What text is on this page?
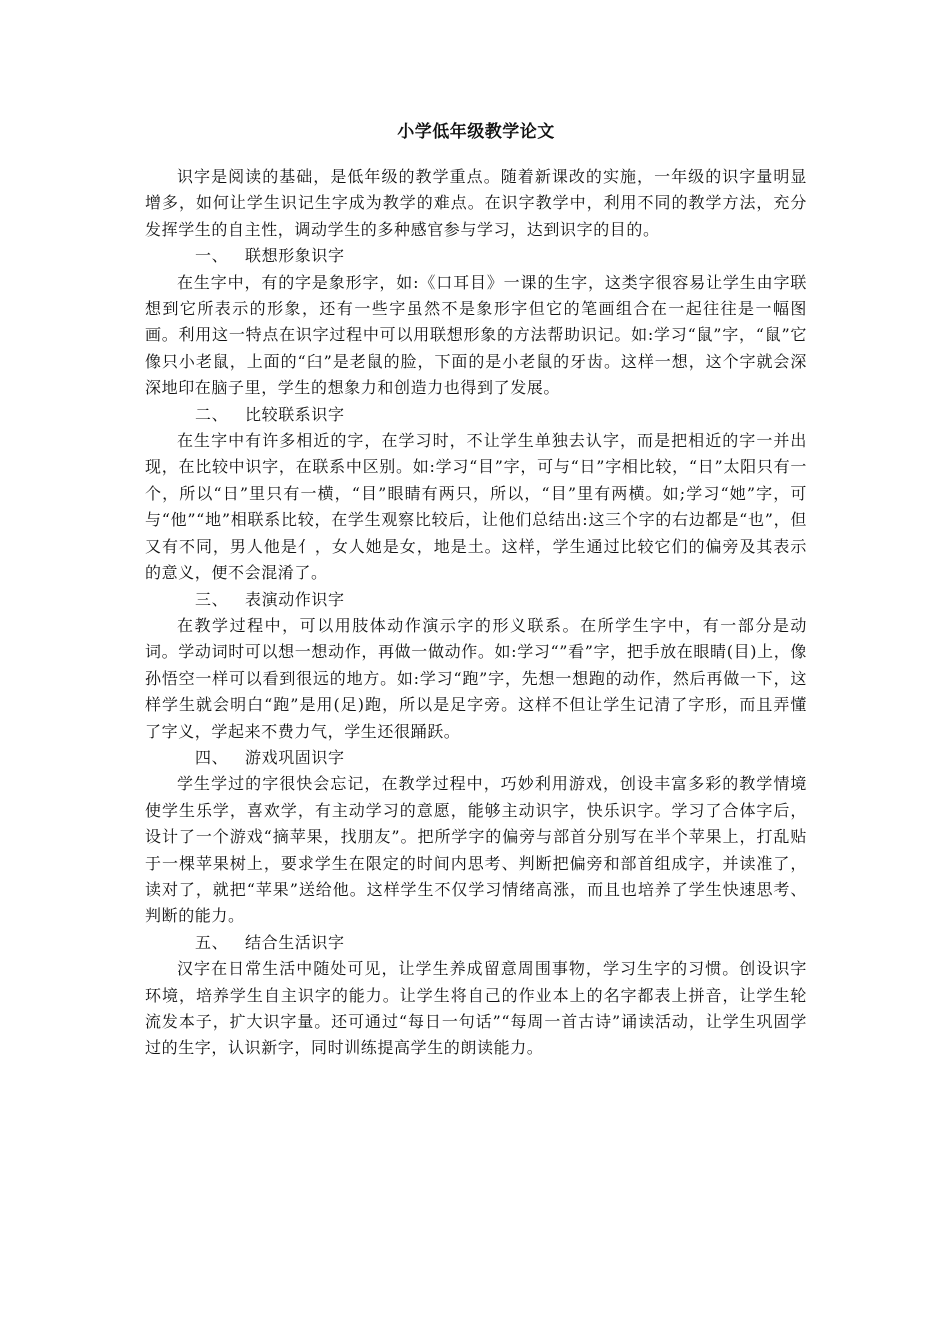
小学低年级教学论文

识字是阅读的基础，是低年级的教学重点。随着新课改的实施，一年级的识字量明显增多，如何让学生识记生字成为教学的难点。在识字教学中，利用不同的教学方法，充分发挥学生的自主性，调动学生的多种感官参与学习，达到识字的目的。

一、 联想形象识字

在生字中，有的字是象形字，如:《口耳目》一课的生字，这类字很容易让学生由字联想到它所表示的形象，还有一些字虽然不是象形字但它的笔画组合在一起往往是一幅图画。利用这一特点在识字过程中可以用联想形象的方法帮助识记。如:学习“鼠”字，“鼠”它像只小老鼠，上面的“臼”是老鼠的脸，下面的是小老鼠的牙齿。这样一想，这个字就会深深地印在脑子里，学生的想象力和创造力也得到了发展。

二、 比较联系识字

在生字中有许多相近的字，在学习时，不让学生单独去认字，而是把相近的字一并出现，在比较中识字，在联系中区别。如:学习“目”字，可与“日”字相比较，“日”太阳只有一个，所以“日”里只有一横，“目”眼睛有两只，所以，“目”里有两横。如;学习“她”字，可与“他”“地”相联系比较，在学生观察比较后，让他们总结出:这三个字的右边都是“也”，但又有不同，男人他是亻，女人她是女，地是土。这样，学生通过比较它们的偏旁及其表示的意义，便不会混淆了。

三、 表演动作识字

在教学过程中，可以用肢体动作演示字的形义联系。在所学生字中，有一部分是动词。学动词时可以想一想动作，再做一做动作。如:学习“”看”字，把手放在眼睛(目)上，像孙悟空一样可以看到很远的地方。如:学习“跑”字，先想一想跑的动作，然后再做一下，这样学生就会明白“跑”是用(足)跑，所以是足字旁。这样不但让学生记清了字形，而且弄懂了字义，学起来不费力气，学生还很踊跃。

四、 游戏巩固识字

学生学过的字很快会忘记，在教学过程中，巧妙利用游戏，创设丰富多彩的教学情境使学生乐学，喜欢学，有主动学习的意愿，能够主动识字，快乐识字。学习了合体字后，设计了一个游戏“摘苹果，找朋友”。把所学字的偏旁与部首分别写在半个苹果上，打乱贴于一棵苹果树上，要求学生在限定的时间内思考、判断把偏旁和部首组成字，并读准了，读对了，就把“苹果”送给他。这样学生不仅学习情绪高涨，而且也培养了学生快速思考、判断的能力。

五、 结合生活识字

汉字在日常生活中随处可见，让学生养成留意周围事物，学习生字的习惯。创设识字环境，培养学生自主识字的能力。让学生将自己的作业本上的名字都表上拼音，让学生轮流发本子，扩大识字量。还可通过“每日一句话”“每周一首古诗”诵读活动，让学生巩固学过的生字，认识新字，同时训练提高学生的朗读能力。
